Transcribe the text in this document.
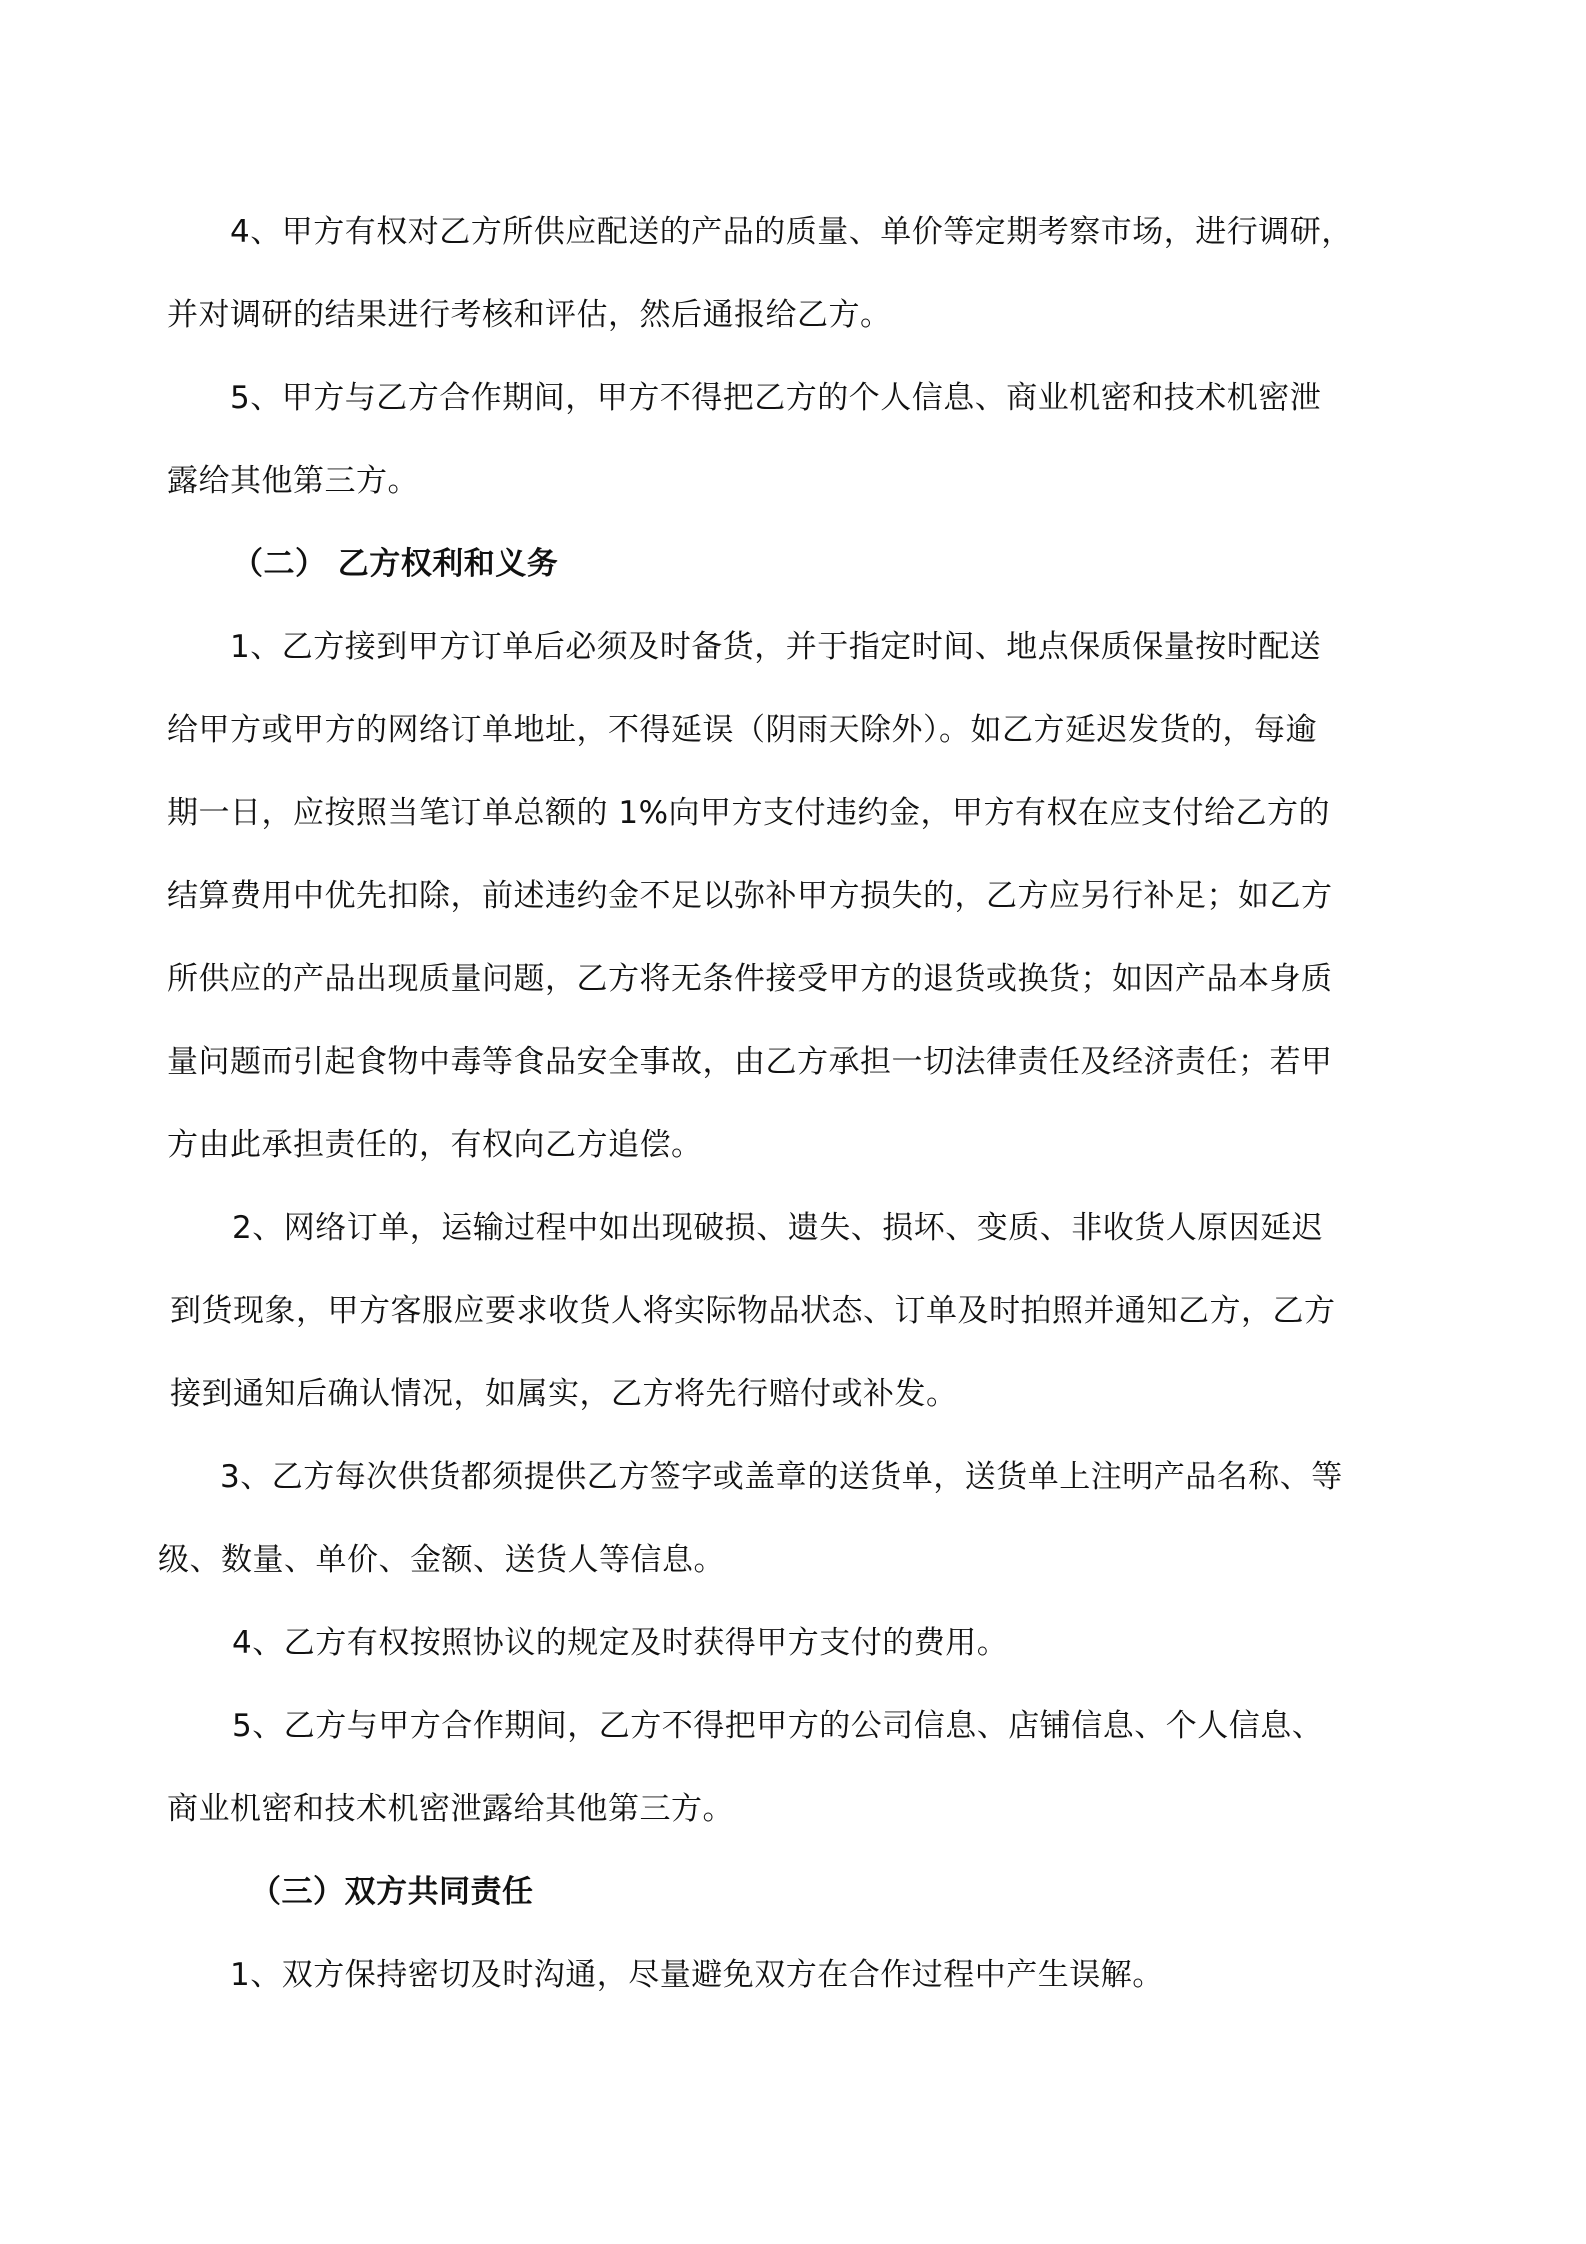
4、甲方有权对乙方所供应配送的产品的质量、单价等定期考察市场，进行调研，

并对调研的结果进行考核和评估，然后通报给乙方。

5、甲方与乙方合作期间，甲方不得把乙方的个人信息、商业机密和技术机密泄

露给其他第三方。

（二） 乙方权利和义务

1、乙方接到甲方订单后必须及时备货，并于指定时间、地点保质保量按时配送

给甲方或甲方的网络订单地址，不得延误（阴雨天除外）。如乙方延迟发货的，每逾

期一日，应按照当笔订单总额的 1%向甲方支付违约金，甲方有权在应支付给乙方的

结算费用中优先扣除，前述违约金不足以弥补甲方损失的，乙方应另行补足；如乙方

所供应的产品出现质量问题，乙方将无条件接受甲方的退货或换货；如因产品本身质

量问题而引起食物中毒等食品安全事故，由乙方承担一切法律责任及经济责任；若甲

方由此承担责任的，有权向乙方追偿。

2、网络订单，运输过程中如出现破损、遗失、损坏、变质、非收货人原因延迟

到货现象，甲方客服应要求收货人将实际物品状态、订单及时拍照并通知乙方，乙方

接到通知后确认情况，如属实，乙方将先行赔付或补发。

3、乙方每次供货都须提供乙方签字或盖章的送货单，送货单上注明产品名称、等

级、数量、单价、金额、送货人等信息。

4、乙方有权按照协议的规定及时获得甲方支付的费用。

5、乙方与甲方合作期间，乙方不得把甲方的公司信息、店铺信息、个人信息、

商业机密和技术机密泄露给其他第三方。

（三）双方共同责任

1、双方保持密切及时沟通，尽量避免双方在合作过程中产生误解。
